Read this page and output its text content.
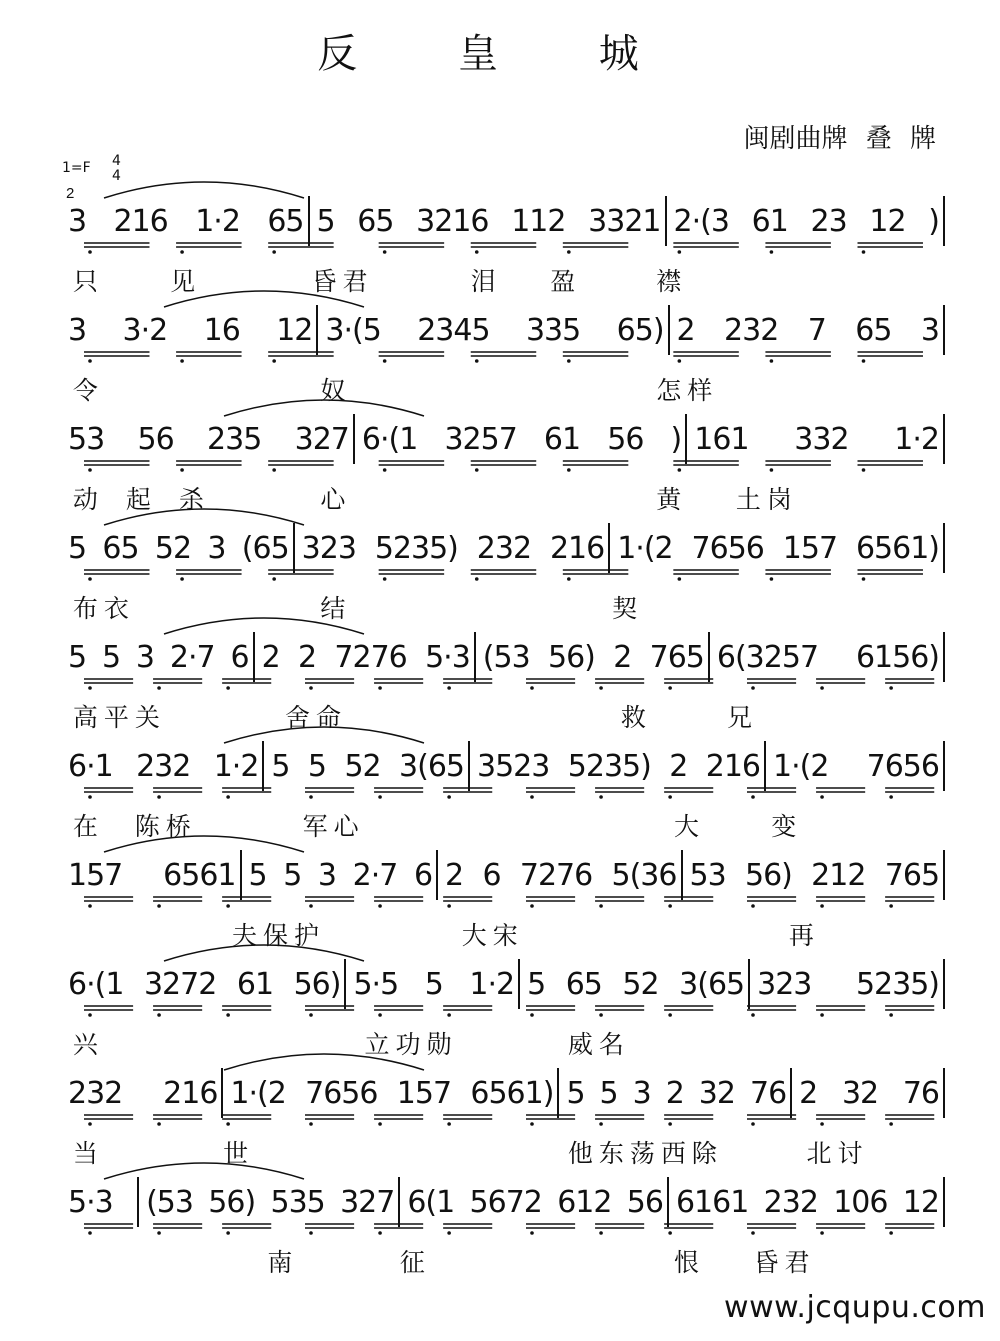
反 皇 城
闽剧曲牌 叠 牌
1=F 4
4
2
3 216 1·2 65 5 65 3216 112 3321 2·(3 61 23 12 )
只	见	昏君	泪 盈	襟
3 3·2 16 12 3·(5 2345 335 65) 2 232 7 65 3
令	奴	怎样
53 56 235 327 6·(1 3257 61 56 ) 161 332 1·2
动 起 杀	心	黄 土岗
5 65 52 3 (65 323 5235) 232 216 1·(2 7656 157 6561)
布衣	结	契
5 5 3 2·7 6 2 2 7276 5·3 (53 56) 2 765 6(3257 6156)
高平关	舍命	救	兄
6·1 232 1·2 5 5 52 3(65 3523 5235) 2 216 1·(2 7656
在 陈桥	军心	大	变
157 6561 5 5 3 2·7 6 2 6 7276 5(36 53 56) 212 765
夫保护	大宋	再
6·(1 3272 61 56) 5·5 5 1·2 5 65 52 3(65 323 5235)
兴	立功勋	威名
232 216 1·(2 7656 157 6561) 5 5 3 2 32 76 2 32 76
当	世	他东荡西除	北讨
5·3	(53 56) 535 327 6(1 5672 612 56 6161 232 106 12
南	征	恨 昏君
www.jcqupu.com
